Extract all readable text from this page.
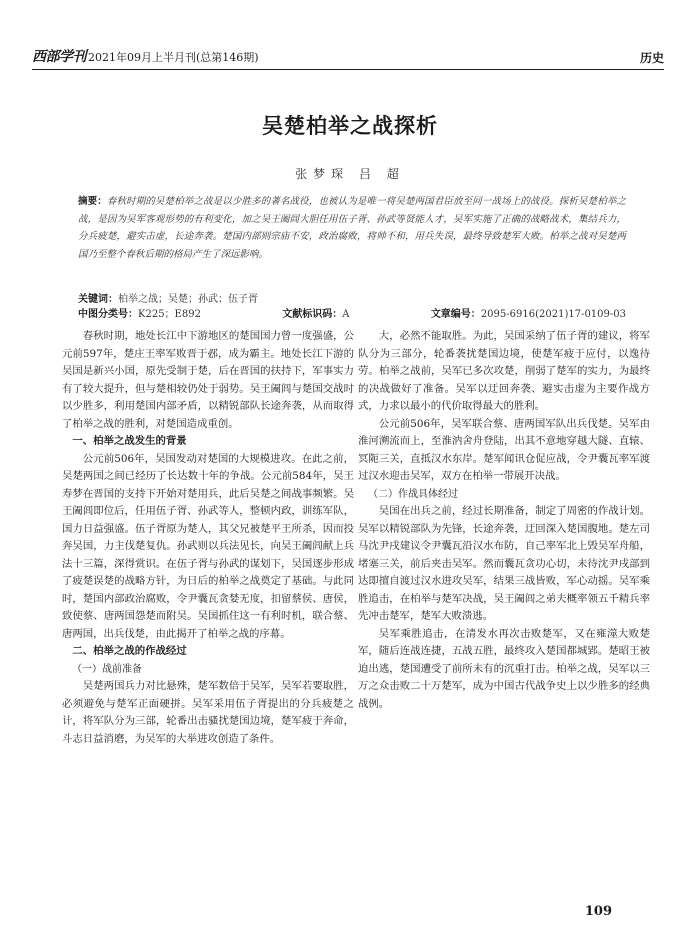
西部学刊 2021年09月上半月刊(总第146期)	历史
吴楚柏举之战探析
张梦琛 吕 超
摘要：春秋时期的吴楚柏举之战是以少胜多的著名战役，也被认为是唯一将吴楚两国君臣放至同一战场上的战役。探析吴楚柏举之战，是因为吴军客观形势的有利变化，加之吴王阖闾大胆任用伍子胥、孙武等贤能人才，吴军实施了正确的战略战术，集结兵力，分兵疲楚，避实击虚，长途奔袭。楚国内部则宗庙不安，政治腐败，将帅不和，用兵失误，最终导致楚军大败。柏举之战对吴楚两国乃至整个春秋后期的格局产生了深远影响。
关键词：柏举之战；吴楚；孙武；伍子胥
中图分类号：K225；E892	文献标识码：A	文章编号：2095-6916(2021)17-0109-03

春秋时期，地处长江中下游地区的楚国国力曾一度强盛，公元前597年，楚庄王率军败晋于邲，成为霸主。地处长江下游的吴国是新兴小国，原先受制于楚，后在晋国的扶持下，军事实力有了较大提升，但与楚相较仍处于弱势。吴王阖闾与楚国交战时以少胜多，利用楚国内部矛盾，以精锐部队长途奔袭，从而取得了柏举之战的胜利，对楚国造成重创。

一、柏举之战发生的背景

公元前506年，吴国发动对楚国的大规模进攻。在此之前，吴楚两国之间已经历了长达数十年的争战。公元前584年，吴王寿梦在晋国的支持下开始对楚用兵，此后吴楚之间战事频繁。吴王阖闾即位后，任用伍子胥、孙武等人，整顿内政，训练军队，国力日益强盛。伍子胥原为楚人，其父兄被楚平王所杀，因而投奔吴国，力主伐楚复仇。孙武则以兵法见长，向吴王阖闾献上兵法十三篇，深得赏识。在伍子胥与孙武的谋划下，吴国逐步形成了疲楚误楚的战略方针，为日后的柏举之战奠定了基础。与此同时，楚国内部政治腐败，令尹囊瓦贪婪无度，扣留蔡侯、唐侯，致使蔡、唐两国怨楚而附吴。吴国抓住这一有利时机，联合蔡、唐两国，出兵伐楚，由此揭开了柏举之战的序幕。

二、柏举之战的作战经过

（一）战前准备

吴楚两国兵力对比悬殊，楚军数倍于吴军，吴军若要取胜，必须避免与楚军正面硬拼。吴军采用伍子胥提出的分兵疲楚之计，将军队分为三部，轮番出击骚扰楚国边境，楚军疲于奔命，斗志日益消磨，为吴军的大举进攻创造了条件。

大，必然不能取胜。为此，吴国采纳了伍子胥的建议，将军队分为三部分，轮番袭扰楚国边境，使楚军疲于应付，以逸待劳。柏举之战前，吴军已多次攻楚，削弱了楚军的实力，为最终的决战做好了准备。吴军以迂回奔袭、避实击虚为主要作战方式，力求以最小的代价取得最大的胜利。

公元前506年，吴军联合蔡、唐两国军队出兵伐楚。吴军由淮河溯流而上，至淮汭舍舟登陆，出其不意地穿越大隧、直辕、冥阨三关，直抵汉水东岸。楚军闻讯仓促应战，令尹囊瓦率军渡过汉水迎击吴军，双方在柏举一带展开决战。

（二）作战具体经过

吴国在出兵之前，经过长期准备，制定了周密的作战计划。吴军以精锐部队为先锋，长途奔袭，迂回深入楚国腹地。楚左司马沈尹戌建议令尹囊瓦沿汉水布防，自己率军北上毁吴军舟船，堵塞三关，前后夹击吴军。然而囊瓦贪功心切，未待沈尹戌部到达即擅自渡过汉水进攻吴军，结果三战皆败，军心动摇。吴军乘胜追击，在柏举与楚军决战，吴王阖闾之弟夫概率领五千精兵率先冲击楚军，楚军大败溃逃。

吴军乘胜追击，在清发水再次击败楚军，又在雍澨大败楚军，随后连战连捷，五战五胜，最终攻入楚国都城郢。楚昭王被迫出逃，楚国遭受了前所未有的沉重打击。柏举之战，吴军以三万之众击败二十万楚军，成为中国古代战争史上以少胜多的经典战例。

109
